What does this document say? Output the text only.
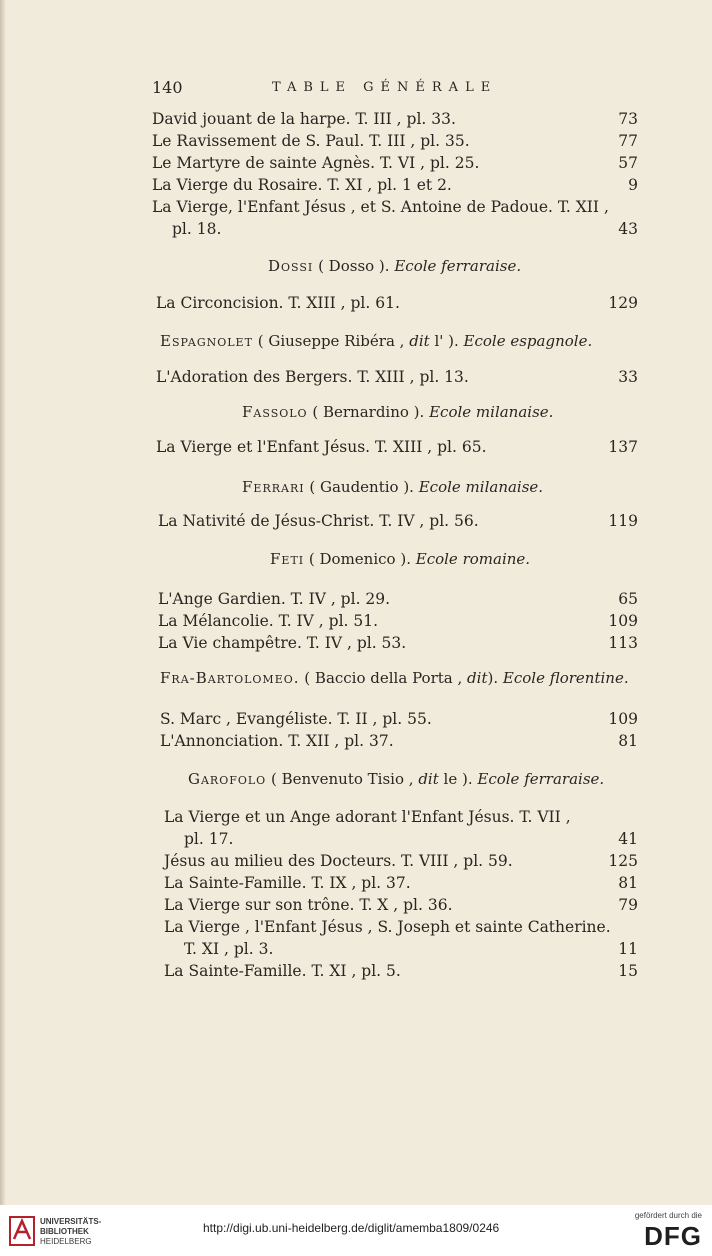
140	TABLE GÉNÉRALE
David jouant de la harpe. T. III , pl. 33.	73
Le Ravissement de S. Paul. T. III , pl. 35.	77
Le Martyre de sainte Agnès. T. VI , pl. 25.	57
La Vierge du Rosaire. T. XI , pl. 1 et 2.	9
La Vierge, l'Enfant Jésus , et S. Antoine de Padoue. T. XII ,
pl. 18.	43
Dossi ( Dosso ). Ecole ferraraise.
La Circoncision. T. XIII , pl. 61.	129
Espagnolet ( Giuseppe Ribéra , dit l' ). Ecole espagnole.
L'Adoration des Bergers. T. XIII , pl. 13.	33
Fassolo ( Bernardino ). Ecole milanaise.
La Vierge et l'Enfant Jésus. T. XIII , pl. 65.	137
Ferrari ( Gaudentio ). Ecole milanaise.
La Nativité de Jésus-Christ. T. IV , pl. 56.	119
Feti ( Domenico ). Ecole romaine.
L'Ange Gardien. T. IV , pl. 29.	65
La Mélancolie. T. IV , pl. 51.	109
La Vie champêtre. T. IV , pl. 53.	113
Fra-Bartolomeo. ( Baccio della Porta , dit). Ecole florentine.
S. Marc , Evangéliste. T. II , pl. 55.	109
L'Annonciation. T. XII , pl. 37.	81
Garofolo ( Benvenuto Tisio , dit le ). Ecole ferraraise.
La Vierge et un Ange adorant l'Enfant Jésus. T. VII ,
pl. 17.	41
Jésus au milieu des Docteurs. T. VIII , pl. 59.	125
La Sainte-Famille. T. IX , pl. 37.	81
La Vierge sur son trône. T. X , pl. 36.	79
La Vierge , l'Enfant Jésus , S. Joseph et sainte Catherine.
T. XI , pl. 3.	11
La Sainte-Famille. T. XI , pl. 5.	15
UNIVERSITÄTS-
BIBLIOTHEK
HEIDELBERG
http://digi.ub.uni-heidelberg.de/diglit/amemba1809/0246
gefördert durch die
DFG
